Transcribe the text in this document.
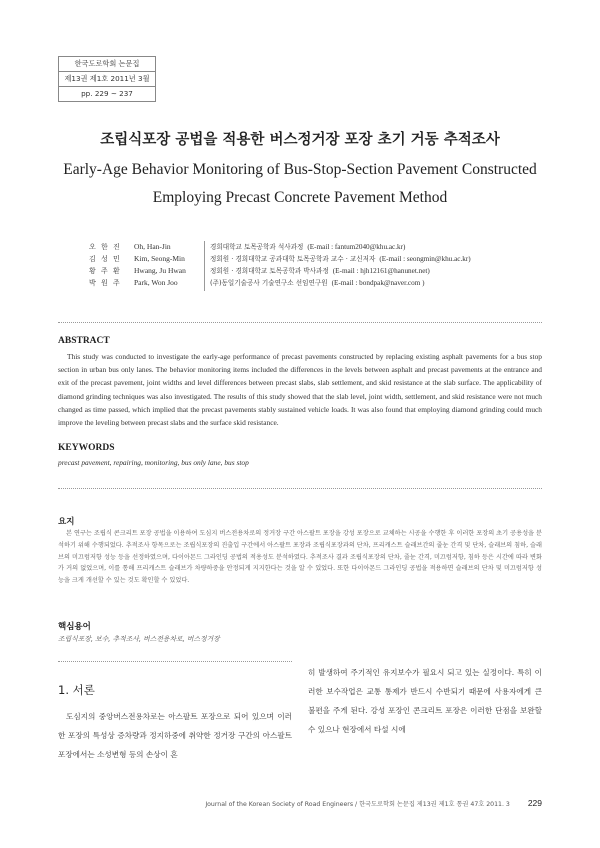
한국도로학회 논문집
제13권 제1호 2011년 3월
pp. 229 ~ 237
조립식포장 공법을 적용한 버스정거장 포장 초기 거동 추적조사
Early-Age Behavior Monitoring of Bus-Stop-Section Pavement Constructed
Employing Precast Concrete Pavement Method
오 한 진	Oh, Han-Jin	경희대학교 토목공학과 석사과정 (E-mail : fantum2040@khu.ac.kr)
김 성 민	Kim, Seong-Min	정회원 · 경희대학교 공과대학 토목공학과 교수 · 교신저자 (E-mail : seongmin@khu.ac.kr)
황 주 환	Hwang, Ju Hwan	정회원 · 경희대학교 토목공학과 박사과정 (E-mail : hjh12161@hanunet.net)
박 원 주	Park, Won Joo	(주)동일기술공사 기술연구소 선임연구원 (E-mail : bondpak@naver.com )
ABSTRACT
This study was conducted to investigate the early-age performance of precast pavements constructed by replacing existing asphalt pavements for a bus stop section in urban bus only lanes. The behavior monitoring items included the differences in the levels between asphalt and precast pavements at the entrance and exit of the precast pavement, joint widths and level differences between precast slabs, slab settlement, and skid resistance at the slab surface. The applicability of diamond grinding techniques was also investigated. The results of this study showed that the slab level, joint width, settlement, and skid resistance were not much changed as time passed, which implied that the precast pavements stably sustained vehicle loads. It was also found that employing diamond grinding could much improve the leveling between precast slabs and the surface skid resistance.
KEYWORDS
precast pavement, repairing, monitoring, bus only lane, bus stop
요지
본 연구는 조립식 콘크리트 포장 공법을 이용하여 도심지 버스전용차로의 정거장 구간 아스팔트 포장을 강성 포장으로 교체하는 시공을 수행한 후 이러한 포장의 초기 공용성을 분석하기 위해 수행되었다. 추적조사 항목으로는 조립식포장의 진출입 구간에서 아스팔트 포장과 조립식포장과의 단차, 프리캐스트 슬래브간의 줄눈 간격 및 단차, 슬래브의 침하, 슬래브의 미끄럼저항 성능 등을 선정하였으며, 다이아몬드 그라인딩 공법의 적용성도 분석하였다. 추적조사 결과 조립식포장의 단차, 줄눈 간격, 미끄럼저항, 침하 등은 시간에 따라 변화가 거의 없었으며, 이를 통해 프리캐스트 슬래브가 차량하중을 안정되게 지지한다는 것을 알 수 있었다. 또한 다이아몬드 그라인딩 공법을 적용하면 슬래브의 단차 및 미끄럼저항 성능을 크게 개선할 수 있는 것도 확인할 수 있었다.
핵심용어
조립식포장, 보수, 추적조사, 버스전용차로, 버스정거장
1. 서론
도심지의 중앙버스전용차로는 아스팔트 포장으로 되어 있으며 이러한 포장의 특성상 증차량과 정지하중에 취약한 정거장 구간의 아스팔트 포장에서는 소성변형 등의 손상이 혼
히 발생하여 주기적인 유지보수가 필요시 되고 있는 실정이다. 특히 이러한 보수작업은 교통 통제가 반드시 수반되기 때문에 사용자에게 큰 불편을 주게 된다. 강성 포장인 콘크리트 포장은 이러한 단점을 보완할 수 있으나 현장에서 타설 시에
Journal of the Korean Society of Road Engineers / 한국도로학회 논문집 제13권 제1호 통권 47호 2011. 3 229
